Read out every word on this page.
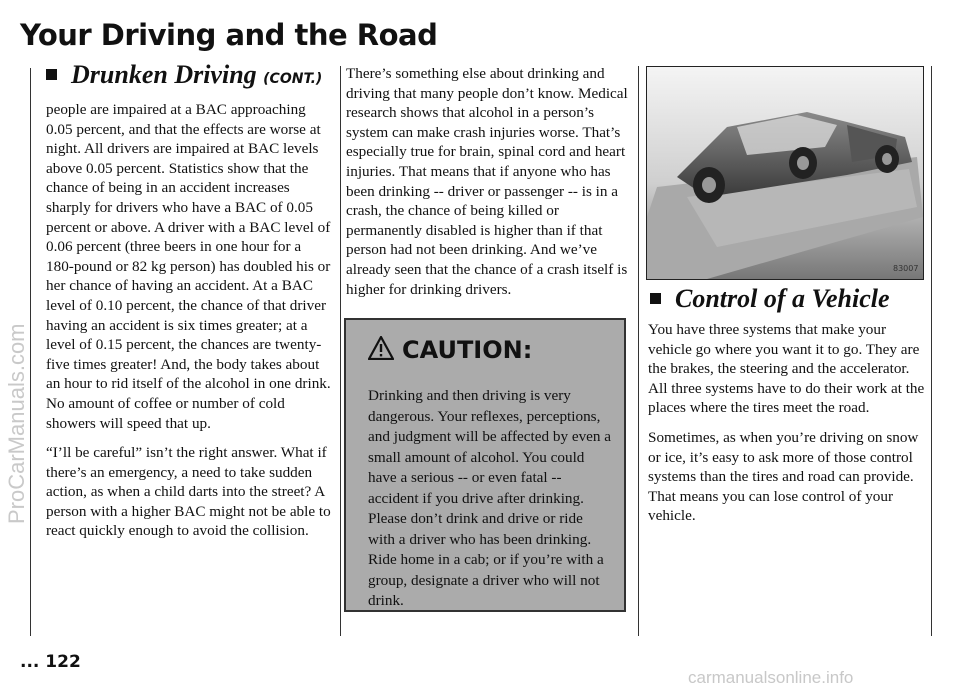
Your Driving and the Road
Drunken Driving (CONT.)

people are impaired at a BAC approaching 0.05 percent, and that the effects are worse at night. All drivers are impaired at BAC levels above 0.05 percent. Statistics show that the chance of being in an accident increases sharply for drivers who have a BAC of 0.05 percent or above. A driver with a BAC level of 0.06 percent (three beers in one hour for a 180-pound or 82 kg person) has doubled his or her chance of having an accident. At a BAC level of 0.10 percent, the chance of that driver having an accident is six times greater; at a level of 0.15 percent, the chances are twenty-five times greater! And, the body takes about an hour to rid itself of the alcohol in one drink. No amount of coffee or number of cold showers will speed that up.

“I’ll be careful” isn’t the right answer. What if there’s an emergency, a need to take sudden action, as when a child darts into the street? A person with a higher BAC might not be able to react quickly enough to avoid the collision.

There’s something else about drinking and driving that many people don’t know. Medical research shows that alcohol in a person’s system can make crash injuries worse. That’s especially true for brain, spinal cord and heart injuries. That means that if anyone who has been drinking -- driver or passenger -- is in a crash, the chance of being killed or permanently disabled is higher than if that person had not been drinking. And we’ve already seen that the chance of a crash itself is higher for drinking drivers.

CAUTION:
Drinking and then driving is very dangerous. Your reflexes, perceptions, and judgment will be affected by even a small amount of alcohol. You could have a serious -- or even fatal -- accident if you drive after drinking. Please don’t drink and drive or ride with a driver who has been drinking. Ride home in a cab; or if you’re with a group, designate a driver who will not drink.
83007
Control of a Vehicle

You have three systems that make your vehicle go where you want it to go. They are the brakes, the steering and the accelerator. All three systems have to do their work at the places where the tires meet the road.

Sometimes, as when you’re driving on snow or ice, it’s easy to ask more of those control systems than the tires and road can provide. That means you can lose control of your vehicle.

... 122
ProCarManuals.com
carmanualsonline.info
